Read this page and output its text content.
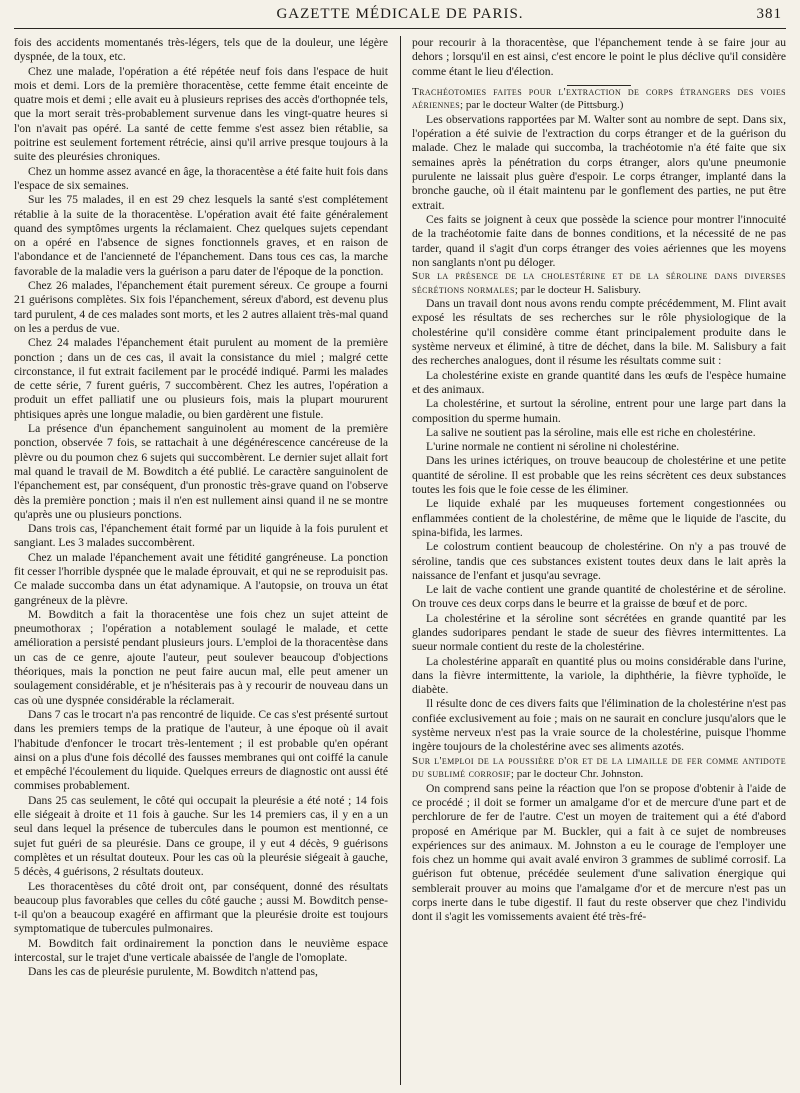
GAZETTE MÉDICALE DE PARIS.	381

fois des accidents momentanés très-légers, tels que de la douleur, une légère dyspnée, de la toux, etc.

Chez une malade, l'opération a été répétée neuf fois dans l'espace de huit mois et demi. Lors de la première thoracentèse, cette femme était enceinte de quatre mois et demi ; elle avait eu à plusieurs reprises des accès d'orthopnée tels, que la mort serait très-probablement survenue dans les vingt-quatre heures si l'on n'avait pas opéré. La santé de cette femme s'est assez bien rétablie, sa poitrine est seulement fortement rétrécie, ainsi qu'il arrive presque toujours à la suite des pleurésies chroniques.

Chez un homme assez avancé en âge, la thoracentèse a été faite huit fois dans l'espace de six semaines.

Sur les 75 malades, il en est 29 chez lesquels la santé s'est complétement rétablie à la suite de la thoracentèse. L'opération avait été faite généralement quand des symptômes urgents la réclamaient. Chez quelques sujets cependant on a opéré en l'absence de signes fonctionnels graves, et en raison de l'abondance et de l'ancienneté de l'épanchement. Dans tous ces cas, la marche favorable de la maladie vers la guérison a paru dater de l'époque de la ponction.

Chez 26 malades, l'épanchement était purement séreux. Ce groupe a fourni 21 guérisons complètes. Six fois l'épanchement, séreux d'abord, est devenu plus tard purulent, 4 de ces malades sont morts, et les 2 autres allaient très-mal quand on les a perdus de vue.

Chez 24 malades l'épanchement était purulent au moment de la première ponction ; dans un de ces cas, il avait la consistance du miel ; malgré cette circonstance, il fut extrait facilement par le procédé indiqué. Parmi les malades de cette série, 7 furent guéris, 7 succombèrent. Chez les autres, l'opération a produit un effet palliatif une ou plusieurs fois, mais la plupart moururent phtisiques après une longue maladie, ou bien gardèrent une fistule.

La présence d'un épanchement sanguinolent au moment de la première ponction, observée 7 fois, se rattachait à une dégénérescence cancéreuse de la plèvre ou du poumon chez 6 sujets qui succombèrent. Le dernier sujet allait fort mal quand le travail de M. Bowditch a été publié. Le caractère sanguinolent de l'épanchement est, par conséquent, d'un pronostic très-grave quand on l'observe dès la première ponction ; mais il n'en est nullement ainsi quand il ne se montre qu'après une ou plusieurs ponctions.

Dans trois cas, l'épanchement était formé par un liquide à la fois purulent et sangiant. Les 3 malades succombèrent.

Chez un malade l'épanchement avait une fétidité gangréneuse. La ponction fit cesser l'horrible dyspnée que le malade éprouvait, et qui ne se reproduisit pas. Ce malade succomba dans un état adynamique. A l'autopsie, on trouva un état gangréneux de la plèvre.

M. Bowditch a fait la thoracentèse une fois chez un sujet atteint de pneumothorax ; l'opération a notablement soulagé le malade, et cette amélioration a persisté pendant plusieurs jours. L'emploi de la thoracentèse dans un cas de ce genre, ajoute l'auteur, peut soulever beaucoup d'objections théoriques, mais la ponction ne peut faire aucun mal, elle peut amener un soulagement considérable, et je n'hésiterais pas à y recourir de nouveau dans un cas où une dyspnée considérable la réclamerait.

Dans 7 cas le trocart n'a pas rencontré de liquide. Ce cas s'est présenté surtout dans les premiers temps de la pratique de l'auteur, à une époque où il avait l'habitude d'enfoncer le trocart très-lentement ; il est probable qu'en opérant ainsi on a plus d'une fois décollé des fausses membranes qui ont coiffé la canule et empêché l'écoulement du liquide. Quelques erreurs de diagnostic ont aussi été commises probablement.

Dans 25 cas seulement, le côté qui occupait la pleurésie a été noté ; 14 fois elle siégeait à droite et 11 fois à gauche. Sur les 14 premiers cas, il y en a un seul dans lequel la présence de tubercules dans le poumon est mentionné, ce sujet fut guéri de sa pleurésie. Dans ce groupe, il y eut 4 décès, 9 guérisons complètes et un résultat douteux. Pour les cas où la pleurésie siégeait à gauche, 5 décès, 4 guérisons, 2 résultats douteux.

Les thoracentèses du côté droit ont, par conséquent, donné des résultats beaucoup plus favorables que celles du côté gauche ; aussi M. Bowditch pense-t-il qu'on a beaucoup exagéré en affirmant que la pleurésie droite est toujours symptomatique de tubercules pulmonaires.

M. Bowditch fait ordinairement la ponction dans le neuvième espace intercostal, sur le trajet d'une verticale abaissée de l'angle de l'omoplate.

Dans les cas de pleurésie purulente, M. Bowditch n'attend pas,

pour recourir à la thoracentèse, que l'épanchement tende à se faire jour au dehors ; lorsqu'il en est ainsi, c'est encore le point le plus déclive qu'il considère comme étant le lieu d'élection.

Trachéotomies faites pour l'extraction de corps étrangers des voies aériennes; par le docteur Walter (de Pittsburg.)

Les observations rapportées par M. Walter sont au nombre de sept. Dans six, l'opération a été suivie de l'extraction du corps étranger et de la guérison du malade. Chez le malade qui succomba, la trachéotomie n'a été faite que six semaines après la pénétration du corps étranger, alors qu'une pneumonie purulente ne laissait plus guère d'espoir. Le corps étranger, implanté dans la bronche gauche, où il était maintenu par le gonflement des parties, ne put être extrait.

Ces faits se joignent à ceux que possède la science pour montrer l'innocuité de la trachéotomie faite dans de bonnes conditions, et la nécessité de ne pas tarder, quand il s'agit d'un corps étranger des voies aériennes que les moyens non sanglants n'ont pu déloger.

Sur la présence de la cholestérine et de la séroline dans diverses sécrétions normales; par le docteur H. Salisbury.

Dans un travail dont nous avons rendu compte précédemment, M. Flint avait exposé les résultats de ses recherches sur le rôle physiologique de la cholestérine qu'il considère comme étant principalement produite dans le système nerveux et éliminé, à titre de déchet, dans la bile. M. Salisbury a fait des recherches analogues, dont il résume les résultats comme suit :

La cholestérine existe en grande quantité dans les œufs de l'espèce humaine et des animaux.

La cholestérine, et surtout la séroline, entrent pour une large part dans la composition du sperme humain.

La salive ne soutient pas la séroline, mais elle est riche en cholestérine.

L'urine normale ne contient ni séroline ni cholestérine.

Dans les urines ictériques, on trouve beaucoup de cholestérine et une petite quantité de séroline. Il est probable que les reins sécrètent ces deux substances toutes les fois que le foie cesse de les éliminer.

Le liquide exhalé par les muqueuses fortement congestionnées ou enflammées contient de la cholestérine, de même que le liquide de l'ascite, du spina-bifida, les larmes.

Le colostrum contient beaucoup de cholestérine. On n'y a pas trouvé de séroline, tandis que ces substances existent toutes deux dans le lait après la naissance de l'enfant et jusqu'au sevrage.

Le lait de vache contient une grande quantité de cholestérine et de séroline. On trouve ces deux corps dans le beurre et la graisse de bœuf et de porc.

La cholestérine et la séroline sont sécrétées en grande quantité par les glandes sudoripares pendant le stade de sueur des fièvres intermittentes. La sueur normale contient du reste de la cholestérine.

La cholestérine apparaît en quantité plus ou moins considérable dans l'urine, dans la fièvre intermittente, la variole, la diphthérie, la fièvre typhoïde, le diabète.

Il résulte donc de ces divers faits que l'élimination de la cholestérine n'est pas confiée exclusivement au foie ; mais on ne saurait en conclure jusqu'alors que le système nerveux n'est pas la vraie source de la cholestérine, puisque l'homme ingère toujours de la cholestérine avec ses aliments azotés.

Sur l'emploi de la poussière d'or et de la limaille de fer comme antidote du sublimé corrosif; par le docteur Chr. Johnston.

On comprend sans peine la réaction que l'on se propose d'obtenir à l'aide de ce procédé ; il doit se former un amalgame d'or et de mercure d'une part et de perchlorure de fer de l'autre. C'est un moyen de traitement qui a été d'abord proposé en Amérique par M. Buckler, qui a fait à ce sujet de nombreuses expériences sur des animaux. M. Johnston a eu le courage de l'employer une fois chez un homme qui avait avalé environ 3 grammes de sublimé corrosif. La guérison fut obtenue, précédée seulement d'une salivation énergique qui semblerait prouver au moins que l'amalgame d'or et de mercure n'est pas un corps inerte dans le tube digestif. Il faut du reste observer que chez l'individu dont il s'agit les vomissements avaient été très-fré-
